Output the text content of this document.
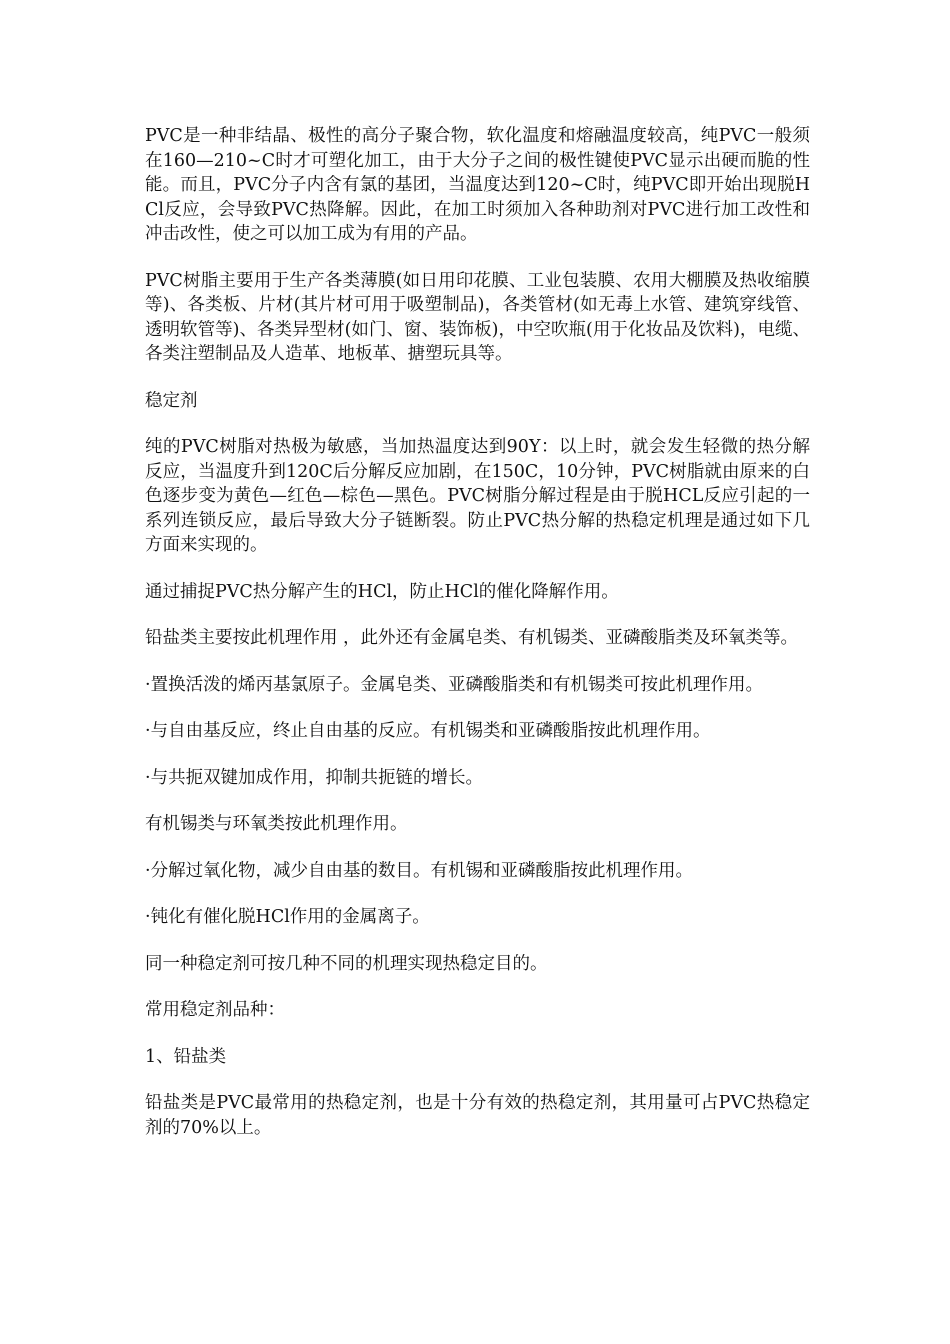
PVC是一种非结晶、极性的高分子聚合物，软化温度和熔融温度较高，纯PVC一般须在160—210~C时才可塑化加工，由于大分子之间的极性键使PVC显示出硬而脆的性能。而且，PVC分子内含有氯的基团，当温度达到120~C时，纯PVC即开始出现脱HCl反应，会导致PVC热降解。因此，在加工时须加入各种助剂对PVC进行加工改性和冲击改性，使之可以加工成为有用的产品。

PVC树脂主要用于生产各类薄膜(如日用印花膜、工业包装膜、农用大棚膜及热收缩膜等)、各类板、片材(其片材可用于吸塑制品)，各类管材(如无毒上水管、建筑穿线管、透明软管等)、各类异型材(如门、窗、装饰板)，中空吹瓶(用于化妆品及饮料)，电缆、各类注塑制品及人造革、地板革、搪塑玩具等。

稳定剂

纯的PVC树脂对热极为敏感，当加热温度达到90Y：以上时，就会发生轻微的热分解反应，当温度升到120C后分解反应加剧，在150C，10分钟，PVC树脂就由原来的白色逐步变为黄色—红色—棕色—黑色。PVC树脂分解过程是由于脱HCL反应引起的一系列连锁反应，最后导致大分子链断裂。防止PVC热分解的热稳定机理是通过如下几方面来实现的。

通过捕捉PVC热分解产生的HCl，防止HCl的催化降解作用。

铅盐类主要按此机理作用 ，此外还有金属皂类、有机锡类、亚磷酸脂类及环氧类等。

·置换活泼的烯丙基氯原子。金属皂类、亚磷酸脂类和有机锡类可按此机理作用。

·与自由基反应，终止自由基的反应。有机锡类和亚磷酸脂按此机理作用。

·与共扼双键加成作用，抑制共扼链的增长。

有机锡类与环氧类按此机理作用。

·分解过氧化物，减少自由基的数目。有机锡和亚磷酸脂按此机理作用。

·钝化有催化脱HCl作用的金属离子。

同一种稳定剂可按几种不同的机理实现热稳定目的。

常用稳定剂品种：

1、铅盐类

铅盐类是PVC最常用的热稳定剂，也是十分有效的热稳定剂，其用量可占PVC热稳定剂的70%以上。
